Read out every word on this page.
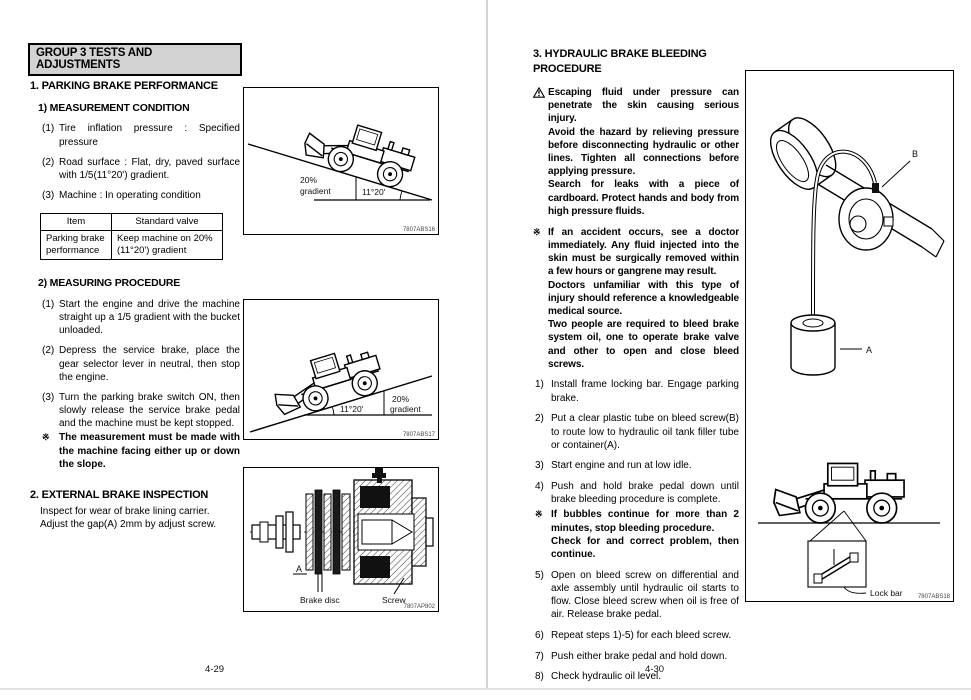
GROUP 3 TESTS AND ADJUSTMENTS
1. PARKING BRAKE PERFORMANCE
1) MEASUREMENT CONDITION
(1) Tire inflation pressure : Specified pressure
(2) Road surface : Flat, dry, paved surface with 1/5(11°20') gradient.
(3) Machine : In operating condition
Item	Standard valve
Parking brake performance	Keep machine on 20% (11°20') gradient
2) MEASURING PROCEDURE
(1) Start the engine and drive the machine straight up a 1/5 gradient with the bucket unloaded.
(2) Depress the service brake, place the gear selector lever in neutral, then stop the engine.
(3) Turn the parking brake switch ON, then slowly release the service brake pedal and the machine must be kept stopped.
※ The measurement must be made with the machine facing either up or down the slope.
2. EXTERNAL BRAKE INSPECTION
Inspect for wear of brake lining carrier.
Adjust the gap(A) 2mm by adjust screw.
20%
gradient	11°20'
7807ABS16
11°20'
20%
gradient
7807ABS17
A
Brake disc	Screw
7807AP802
4-29
3. HYDRAULIC BRAKE BLEEDING PROCEDURE
Escaping fluid under pressure can penetrate the skin causing serious injury.
Avoid the hazard by relieving pressure before disconnecting hydraulic or other lines. Tighten all connections before applying pressure.
Search for leaks with a piece of cardboard. Protect hands and body from high pressure fluids.
※ If an accident occurs, see a doctor immediately. Any fluid injected into the skin must be surgically removed within a few hours or gangrene may result.
Doctors unfamiliar with this type of injury should reference a knowledgeable medical source.
Two people are required to bleed brake system oil, one to operate brake valve and other to open and close bleed screws.
1) Install frame locking bar. Engage parking brake.
2) Put a clear plastic tube on bleed screw(B) to route low to hydraulic oil tank filler tube or container(A).
3) Start engine and run at low idle.
4) Push and hold brake pedal down until brake bleeding procedure is complete.
※ If bubbles continue for more than 2 minutes, stop bleeding procedure.
Check for and correct problem, then continue.
5) Open on bleed screw on differential and axle assembly until hydraulic oil starts to flow. Close bleed screw when oil is free of air. Release brake pedal.
6) Repeat steps 1)-5) for each bleed screw.
7) Push either brake pedal and hold down.
8) Check hydraulic oil level.
B
A
Lock bar	7807ABS18
4-30
